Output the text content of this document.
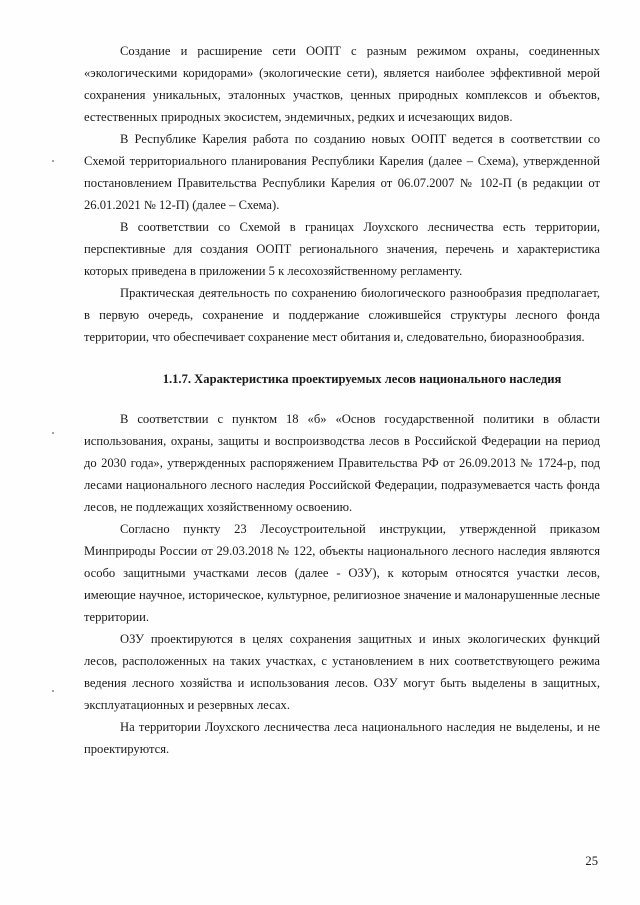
Создание и расширение сети ООПТ с разным режимом охраны, соединенных «экологическими коридорами» (экологические сети), является наиболее эффективной мерой сохранения уникальных, эталонных участков, ценных природных комплексов и объектов, естественных природных экосистем, эндемичных, редких и исчезающих видов.

В Республике Карелия работа по созданию новых ООПТ ведется в соответствии со Схемой территориального планирования Республики Карелия (далее – Схема), утвержденной постановлением Правительства Республики Карелия от 06.07.2007 № 102-П (в редакции от 26.01.2021 № 12-П) (далее – Схема).

В соответствии со Схемой в границах Лоухского лесничества есть территории, перспективные для создания ООПТ регионального значения, перечень и характеристика которых приведена в приложении 5 к лесохозяйственному регламенту.

Практическая деятельность по сохранению биологического разнообразия предполагает, в первую очередь, сохранение и поддержание сложившейся структуры лесного фонда территории, что обеспечивает сохранение мест обитания и, следовательно, биоразнообразия.

1.1.7. Характеристика проектируемых лесов национального наследия

В соответствии с пунктом 18 «б» «Основ государственной политики в области использования, охраны, защиты и воспроизводства лесов в Российской Федерации на период до 2030 года», утвержденных распоряжением Правительства РФ от 26.09.2013 № 1724-р, под лесами национального лесного наследия Российской Федерации, подразумевается часть фонда лесов, не подлежащих хозяйственному освоению.

Согласно пункту 23 Лесоустроительной инструкции, утвержденной приказом Минприроды России от 29.03.2018 № 122, объекты национального лесного наследия являются особо защитными участками лесов (далее - ОЗУ), к которым относятся участки лесов, имеющие научное, историческое, культурное, религиозное значение и малонарушенные лесные территории.

ОЗУ проектируются в целях сохранения защитных и иных экологических функций лесов, расположенных на таких участках, с установлением в них соответствующего режима ведения лесного хозяйства и использования лесов. ОЗУ могут быть выделены в защитных, эксплуатационных и резервных лесах.

На территории Лоухского лесничества леса национального наследия не выделены, и не проектируются.

25
